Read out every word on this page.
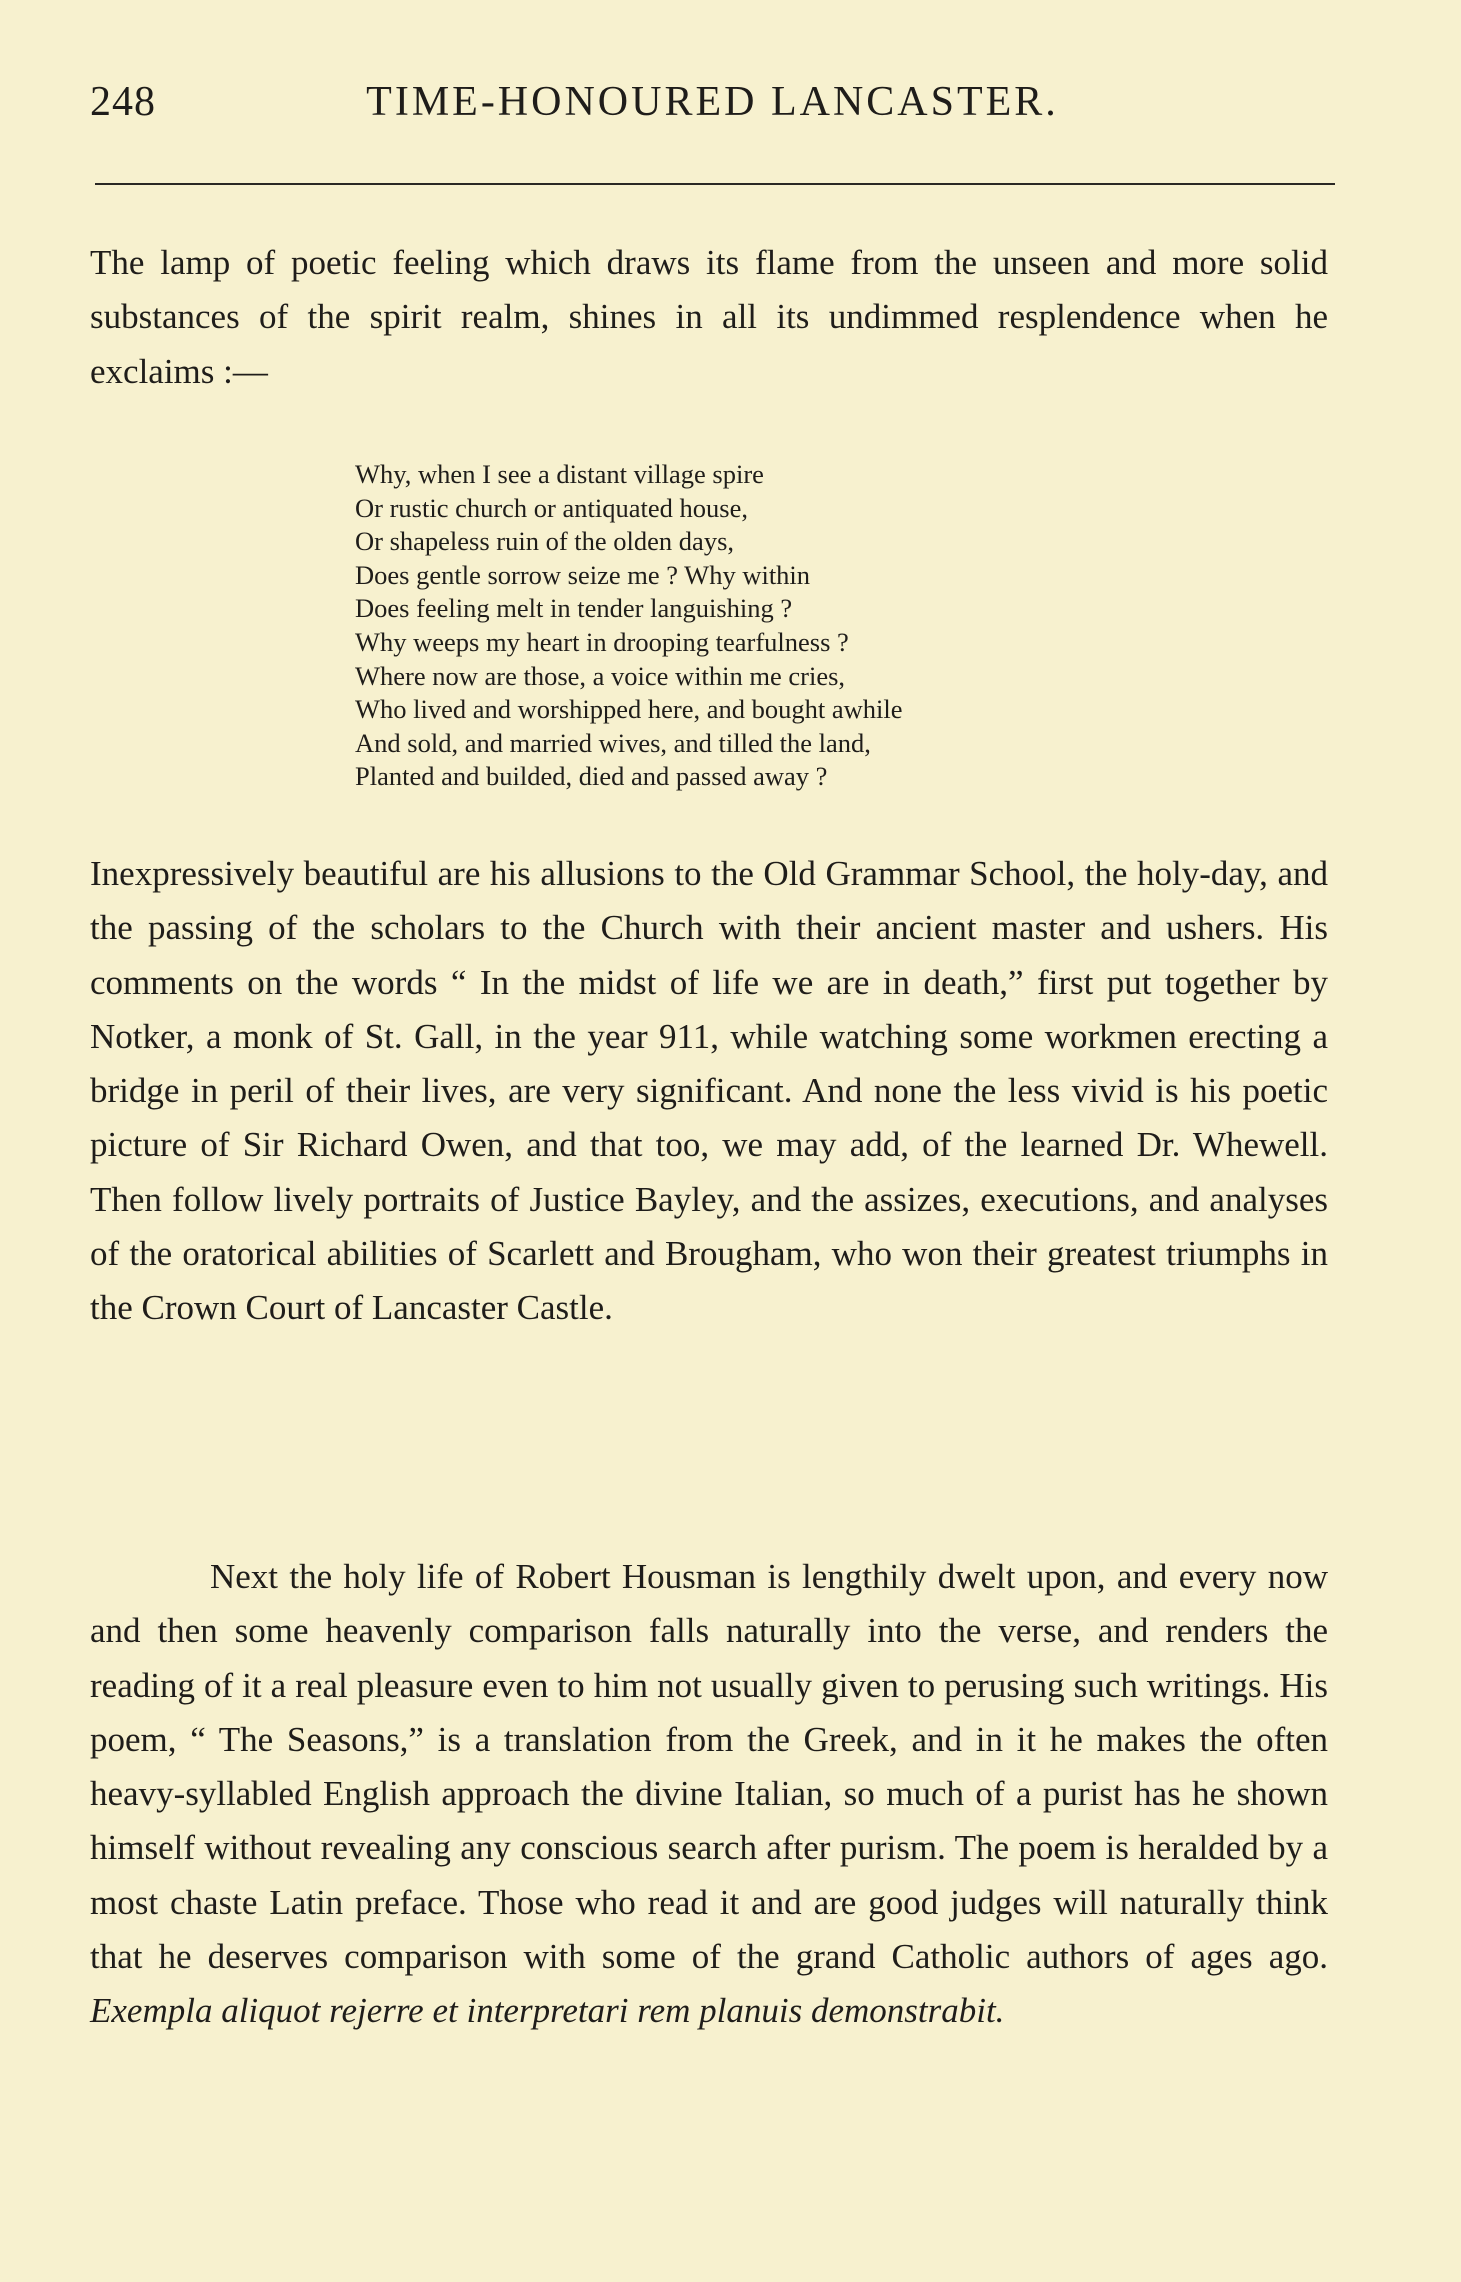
248	TIME-HONOURED LANCASTER.

The lamp of poetic feeling which draws its flame from the unseen and more solid substances of the spirit realm, shines in all its undimmed resplendence when he exclaims :—

Why, when I see a distant village spire
Or rustic church or antiquated house,
Or shapeless ruin of the olden days,
Does gentle sorrow seize me ? Why within
Does feeling melt in tender languishing ?
Why weeps my heart in drooping tearfulness ?
Where now are those, a voice within me cries,
Who lived and worshipped here, and bought awhile
And sold, and married wives, and tilled the land,
Planted and builded, died and passed away ?

Inexpressively beautiful are his allusions to the Old Grammar School, the holy-day, and the passing of the scholars to the Church with their ancient master and ushers. His comments on the words “ In the midst of life we are in death,” first put together by Notker, a monk of St. Gall, in the year 911, while watching some workmen erecting a bridge in peril of their lives, are very significant. And none the less vivid is his poetic picture of Sir Richard Owen, and that too, we may add, of the learned Dr. Whewell. Then follow lively portraits of Justice Bayley, and the assizes, executions, and analyses of the oratorical abilities of Scarlett and Brougham, who won their greatest triumphs in the Crown Court of Lancaster Castle.

Next the holy life of Robert Housman is lengthily dwelt upon, and every now and then some heavenly comparison falls naturally into the verse, and renders the reading of it a real pleasure even to him not usually given to perusing such writings. His poem, “ The Seasons,” is a translation from the Greek, and in it he makes the often heavy-syllabled English approach the divine Italian, so much of a purist has he shown himself without revealing any conscious search after purism. The poem is heralded by a most chaste Latin preface. Those who read it and are good judges will naturally think that he deserves comparison with some of the grand Catholic authors of ages ago. Exempla aliquot rejerre et interpretari rem planuis demonstrabit.
